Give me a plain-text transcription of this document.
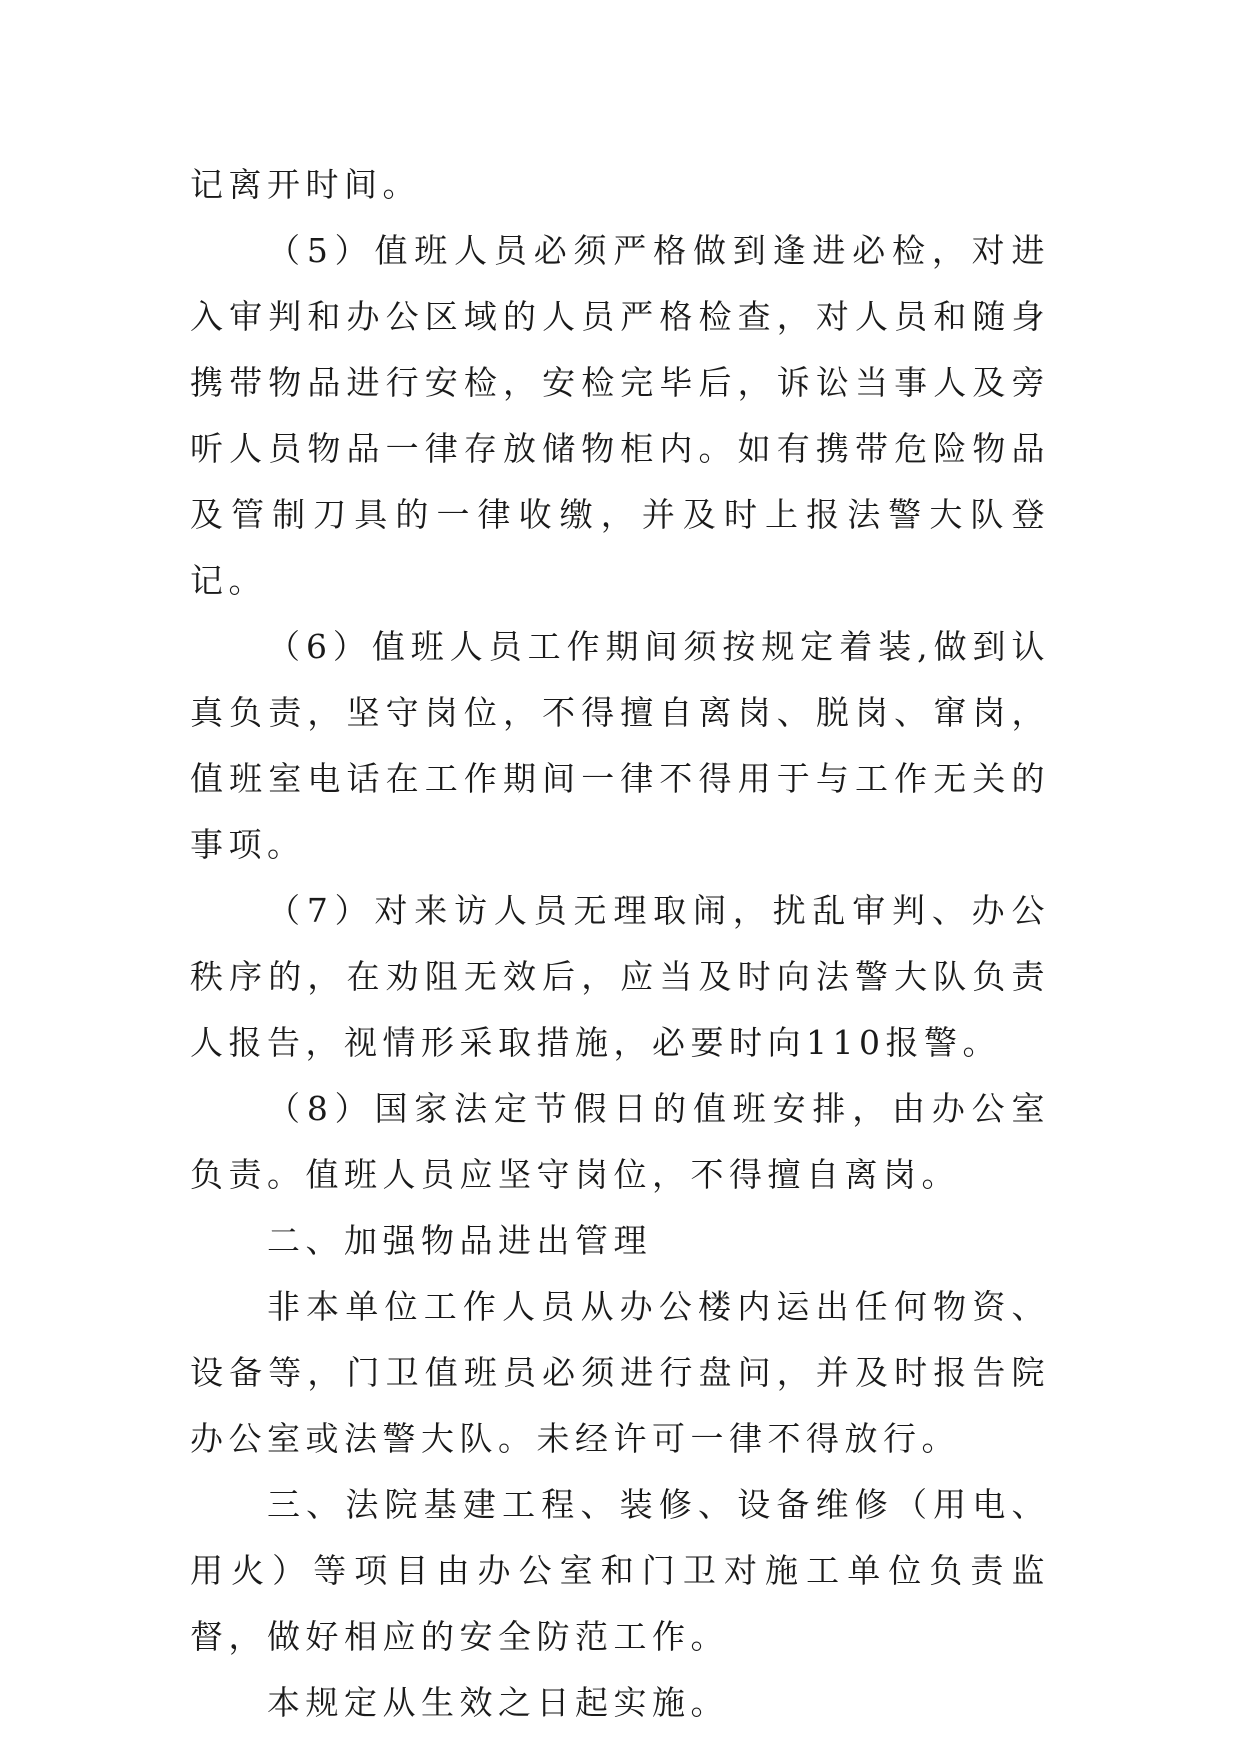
记离开时间。

（5）值班人员必须严格做到逢进必检，对进入审判和办公区域的人员严格检查，对人员和随身携带物品进行安检，安检完毕后，诉讼当事人及旁听人员物品一律存放储物柜内。如有携带危险物品及管制刀具的一律收缴，并及时上报法警大队登记。

（6）值班人员工作期间须按规定着装,做到认真负责，坚守岗位，不得擅自离岗、脱岗、窜岗，值班室电话在工作期间一律不得用于与工作无关的事项。

（7）对来访人员无理取闹，扰乱审判、办公秩序的，在劝阻无效后，应当及时向法警大队负责人报告，视情形采取措施，必要时向110报警。

（8）国家法定节假日的值班安排，由办公室负责。值班人员应坚守岗位，不得擅自离岗。

二、加强物品进出管理

非本单位工作人员从办公楼内运出任何物资、设备等，门卫值班员必须进行盘问，并及时报告院办公室或法警大队。未经许可一律不得放行。

三、法院基建工程、装修、设备维修（用电、用火）等项目由办公室和门卫对施工单位负责监督，做好相应的安全防范工作。

本规定从生效之日起实施。
